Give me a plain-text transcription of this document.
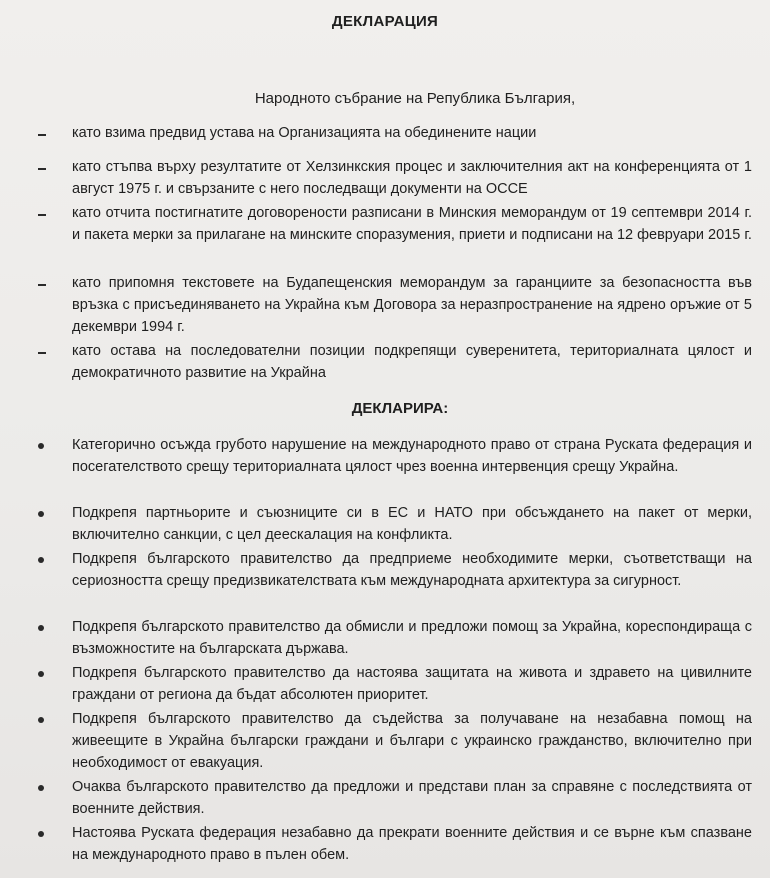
ДЕКЛАРАЦИЯ
Народното събрание на Република България,
като взима предвид устава на Организацията на обединените нации
като стъпва върху резултатите от Хелзинкския процес и заключителния акт на конференцията от 1 август 1975 г. и свързаните с него последващи документи на ОССЕ
като отчита постигнатите договорености разписани в Минския меморандум от 19 септември 2014 г. и пакета мерки за прилагане на минските споразумения, приети и подписани на 12 февруари 2015 г.
като припомня текстовете на Будапещенския меморандум за гаранциите за безопасността във връзка с присъединяването на Украйна към Договора за неразпространение на ядрено оръжие от 5 декември 1994 г.
като остава на последователни позиции подкрепящи суверенитета, териториалната цялост и демократичното развитие на Украйна
ДЕКЛАРИРА:
Категорично осъжда грубото нарушение на международното право от страна Руската федерация и посегателството срещу териториалната цялост чрез военна интервенция срещу Украйна.
Подкрепя партньорите и съюзниците си в ЕС и НАТО при обсъждането на пакет от мерки, включително санкции, с цел деескалация на конфликта.
Подкрепя българското правителство да предприеме необходимите мерки, съответстващи на сериозността срещу предизвикателствата към международната архитектура за сигурност.
Подкрепя българското правителство да обмисли и предложи помощ за Украйна, кореспондираща с възможностите на българската държава.
Подкрепя българското правителство да настоява защитата на живота и здравето на цивилните граждани от региона да бъдат абсолютен приоритет.
Подкрепя българското правителство да съдейства за получаване на незабавна помощ на живеещите в Украйна български граждани и българи с украинско гражданство, включително при необходимост от евакуация.
Очаква българското правителство да предложи и представи план за справяне с последствията от военните действия.
Настоява Руската федерация незабавно да прекрати военните действия и се върне към спазване на международното право в пълен обем.
